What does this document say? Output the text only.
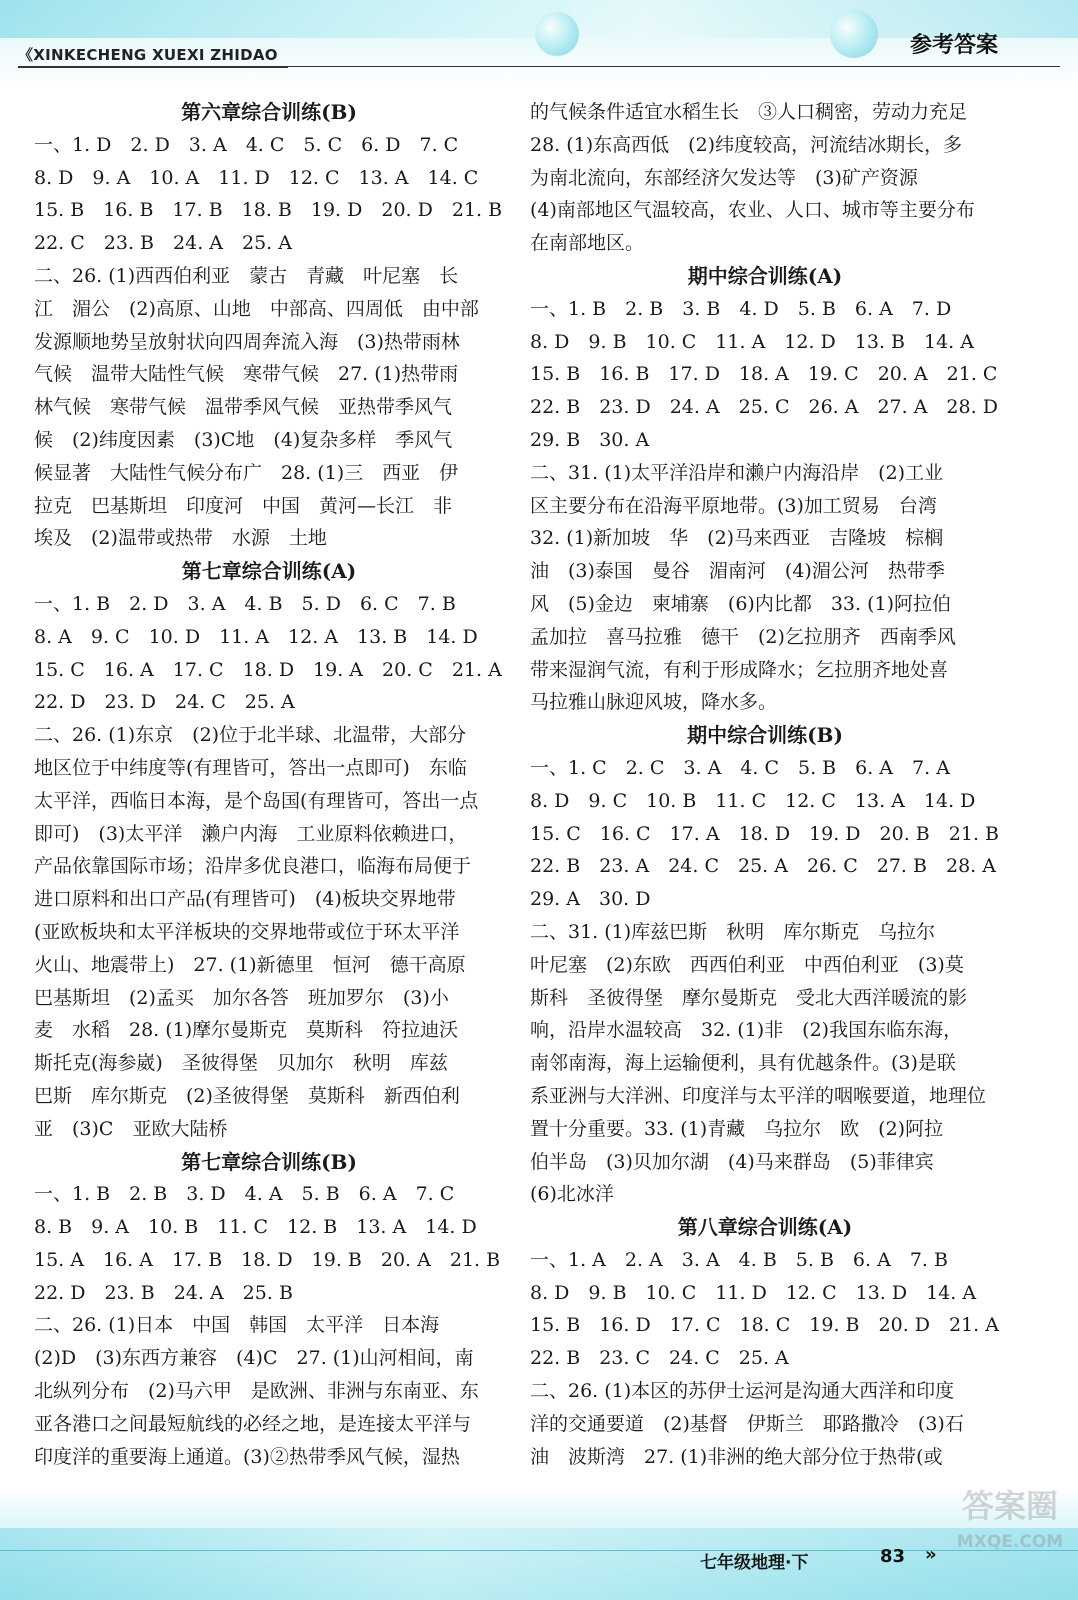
《XINKECHENG XUEXI ZHIDAO	参考答案
第六章综合训练(B)
一、1. D　2. D　3. A　4. C　5. C　6. D　7. C
8. D　9. A　10. A　11. D　12. C　13. A　14. C
15. B　16. B　17. B　18. B　19. D　20. D　21. B
22. C　23. B　24. A　25. A
二、26. (1)西西伯利亚　蒙古　青藏　叶尼塞　长
江　湄公　(2)高原、山地　中部高、四周低　由中部
发源顺地势呈放射状向四周奔流入海　(3)热带雨林
气候　温带大陆性气候　寒带气候　27. (1)热带雨
林气候　寒带气候　温带季风气候　亚热带季风气
候　(2)纬度因素　(3)C地　(4)复杂多样　季风气
候显著　大陆性气候分布广　28. (1)三　西亚　伊
拉克　巴基斯坦　印度河　中国　黄河—长江　非
埃及　(2)温带或热带　水源　土地
第七章综合训练(A)
一、1. B　2. D　3. A　4. B　5. D　6. C　7. B
8. A　9. C　10. D　11. A　12. A　13. B　14. D
15. C　16. A　17. C　18. D　19. A　20. C　21. A
22. D　23. D　24. C　25. A
二、26. (1)东京　(2)位于北半球、北温带，大部分
地区位于中纬度等(有理皆可，答出一点即可)　东临
太平洋，西临日本海，是个岛国(有理皆可，答出一点
即可)　(3)太平洋　濑户内海　工业原料依赖进口，
产品依靠国际市场；沿岸多优良港口，临海布局便于
进口原料和出口产品(有理皆可)　(4)板块交界地带
(亚欧板块和太平洋板块的交界地带或位于环太平洋
火山、地震带上)　27. (1)新德里　恒河　德干高原
巴基斯坦　(2)孟买　加尔各答　班加罗尔　(3)小
麦　水稻　28. (1)摩尔曼斯克　莫斯科　符拉迪沃
斯托克(海参崴)　圣彼得堡　贝加尔　秋明　库兹
巴斯　库尔斯克　(2)圣彼得堡　莫斯科　新西伯利
亚　(3)C　亚欧大陆桥
第七章综合训练(B)
一、1. B　2. B　3. D　4. A　5. B　6. A　7. C
8. B　9. A　10. B　11. C　12. B　13. A　14. D
15. A　16. A　17. B　18. D　19. B　20. A　21. B
22. D　23. B　24. A　25. B
二、26. (1)日本　中国　韩国　太平洋　日本海
(2)D　(3)东西方兼容　(4)C　27. (1)山河相间，南
北纵列分布　(2)马六甲　是欧洲、非洲与东南亚、东
亚各港口之间最短航线的必经之地，是连接太平洋与
印度洋的重要海上通道。(3)②热带季风气候，湿热
的气候条件适宜水稻生长　③人口稠密，劳动力充足
28. (1)东高西低　(2)纬度较高，河流结冰期长，多
为南北流向，东部经济欠发达等　(3)矿产资源
(4)南部地区气温较高，农业、人口、城市等主要分布
在南部地区。
期中综合训练(A)
一、1. B　2. B　3. B　4. D　5. B　6. A　7. D
8. D　9. B　10. C　11. A　12. D　13. B　14. A
15. B　16. B　17. D　18. A　19. C　20. A　21. C
22. B　23. D　24. A　25. C　26. A　27. A　28. D
29. B　30. A
二、31. (1)太平洋沿岸和濑户内海沿岸　(2)工业
区主要分布在沿海平原地带。(3)加工贸易　台湾
32. (1)新加坡　华　(2)马来西亚　吉隆坡　棕榈
油　(3)泰国　曼谷　湄南河　(4)湄公河　热带季
风　(5)金边　柬埔寨　(6)内比都　33. (1)阿拉伯
孟加拉　喜马拉雅　德干　(2)乞拉朋齐　西南季风
带来湿润气流，有利于形成降水；乞拉朋齐地处喜
马拉雅山脉迎风坡，降水多。
期中综合训练(B)
一、1. C　2. C　3. A　4. C　5. B　6. A　7. A
8. D　9. C　10. B　11. C　12. C　13. A　14. D
15. C　16. C　17. A　18. D　19. D　20. B　21. B
22. B　23. A　24. C　25. A　26. C　27. B　28. A
29. A　30. D
二、31. (1)库兹巴斯　秋明　库尔斯克　乌拉尔
叶尼塞　(2)东欧　西西伯利亚　中西伯利亚　(3)莫
斯科　圣彼得堡　摩尔曼斯克　受北大西洋暖流的影
响，沿岸水温较高　32. (1)非　(2)我国东临东海，
南邻南海，海上运输便利，具有优越条件。(3)是联
系亚洲与大洋洲、印度洋与太平洋的咽喉要道，地理位
置十分重要。33. (1)青藏　乌拉尔　欧　(2)阿拉
伯半岛　(3)贝加尔湖　(4)马来群岛　(5)菲律宾
(6)北冰洋
第八章综合训练(A)
一、1. A　2. A　3. A　4. B　5. B　6. A　7. B
8. D　9. B　10. C　11. D　12. C　13. D　14. A
15. B　16. D　17. C　18. C　19. B　20. D　21. A
22. B　23. C　24. C　25. A
二、26. (1)本区的苏伊士运河是沟通大西洋和印度
洋的交通要道　(2)基督　伊斯兰　耶路撒冷　(3)石
油　波斯湾　27. (1)非洲的绝大部分位于热带(或
七年级地理·下	83 »
答案圈
MXQE.COM
